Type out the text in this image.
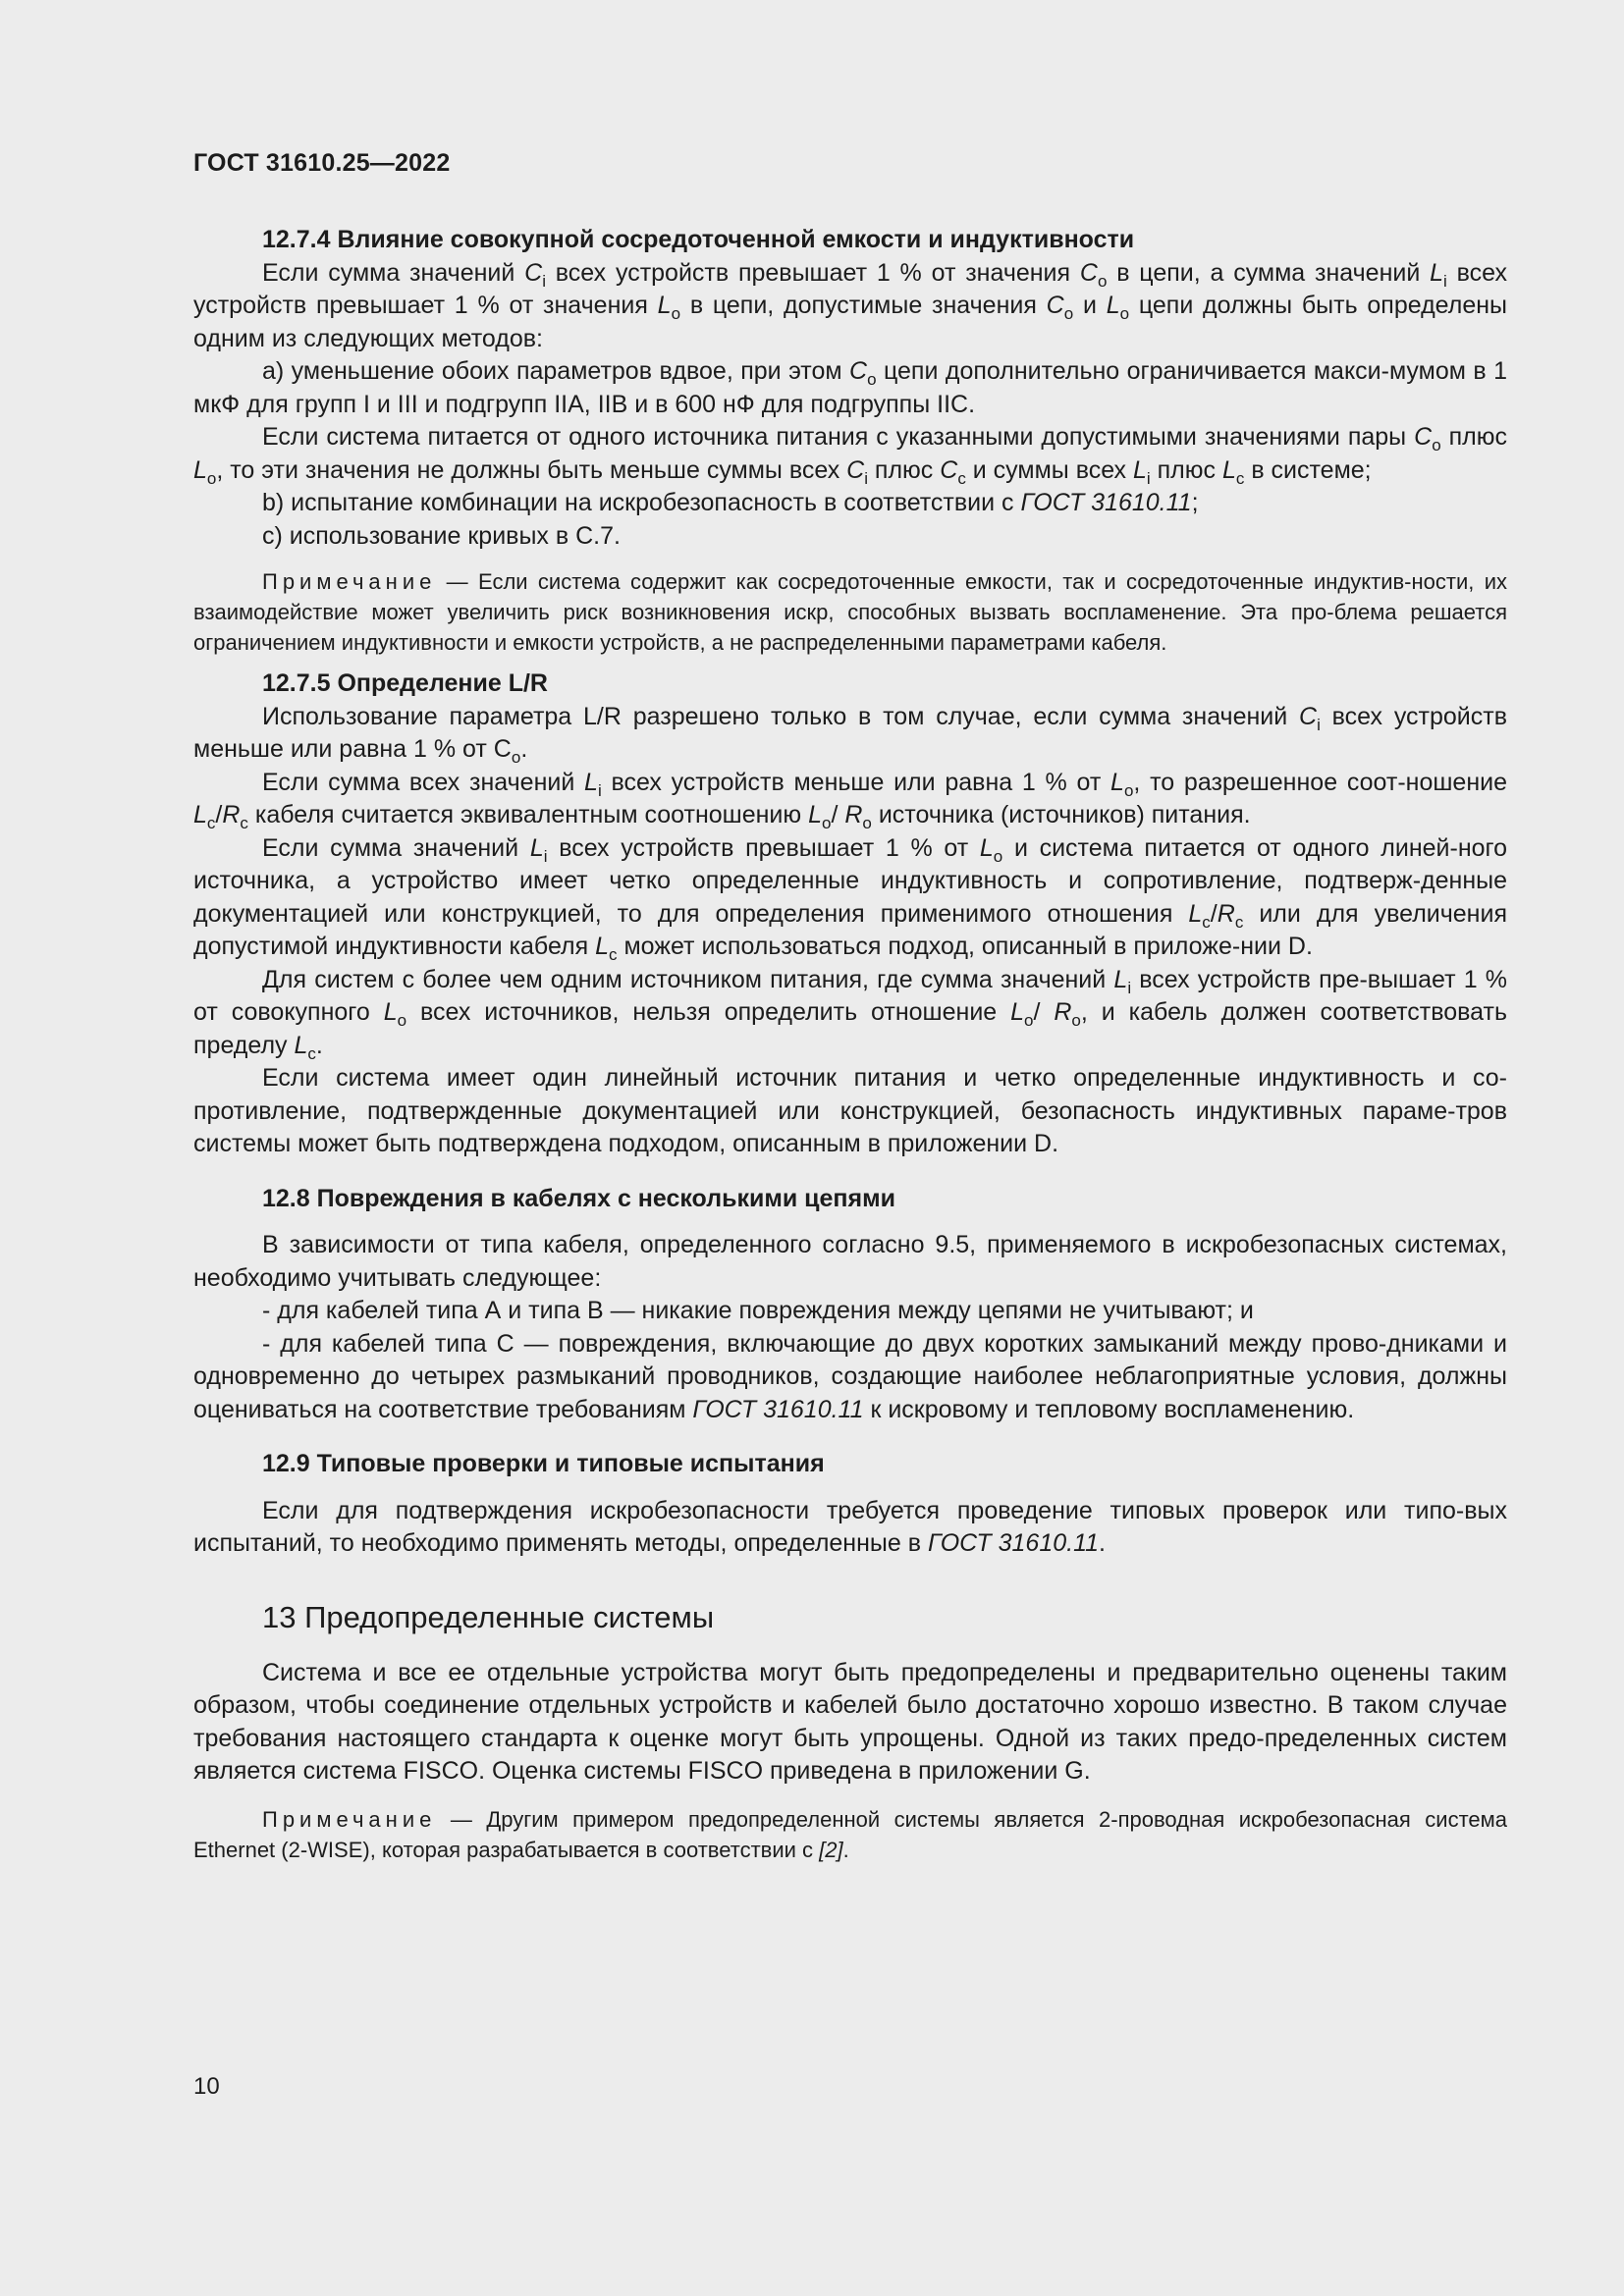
ГОСТ 31610.25—2022
12.7.4 Влияние совокупной сосредоточенной емкости и индуктивности

Если сумма значений $C_i$ всех устройств превышает 1 % от значения $C_o$ в цепи, а сумма значений $L_i$ всех устройств превышает 1 % от значения $L_o$ в цепи, допустимые значения $C_o$ и $L_o$ цепи должны быть определены одним из следующих методов:

a) уменьшение обоих параметров вдвое, при этом $C_o$ цепи дополнительно ограничивается макси-мумом в 1 мкФ для групп I и III и подгрупп IIA, IIB и в 600 нФ для подгруппы IIC.

Если система питается от одного источника питания с указанными допустимыми значениями пары $C_o$ плюс $L_o$, то эти значения не должны быть меньше суммы всех $C_i$ плюс $C_c$ и суммы всех $L_i$ плюс $L_c$ в системе;

b) испытание комбинации на искробезопасность в соответствии с ГОСТ 31610.11;

c) использование кривых в С.7.

Примечание — Если система содержит как сосредоточенные емкости, так и сосредоточенные индуктив-ности, их взаимодействие может увеличить риск возникновения искр, способных вызвать воспламенение. Эта про-блема решается ограничением индуктивности и емкости устройств, а не распределенными параметрами кабеля.

12.7.5 Определение L/R

Использование параметра L/R разрешено только в том случае, если сумма значений $C_i$ всех устройств меньше или равна 1 % от $С_o$.

Если сумма всех значений $L_i$ всех устройств меньше или равна 1 % от $L_o$, то разрешенное соот-ношение $L_c/R_c$ кабеля считается эквивалентным соотношению $L_o/$ $R_o$ источника (источников) питания.

Если сумма значений $L_i$ всех устройств превышает 1 % от $L_o$ и система питается от одного линей-ного источника, а устройство имеет четко определенные индуктивность и сопротивление, подтверж-денные документацией или конструкцией, то для определения применимого отношения $L_c/R_c$ или для увеличения допустимой индуктивности кабеля $L_c$ может использоваться подход, описанный в приложе-нии D.

Для систем с более чем одним источником питания, где сумма значений $L_i$ всех устройств пре-вышает 1 % от совокупного $L_o$ всех источников, нельзя определить отношение $L_o/$ $R_o$, и кабель должен соответствовать пределу $L_c$.

Если система имеет один линейный источник питания и четко определенные индуктивность и со-противление, подтвержденные документацией или конструкцией, безопасность индуктивных параме-тров системы может быть подтверждена подходом, описанным в приложении D.

12.8 Повреждения в кабелях с несколькими цепями

В зависимости от типа кабеля, определенного согласно 9.5, применяемого в искробезопасных системах, необходимо учитывать следующее:

- для кабелей типа А и типа В — никакие повреждения между цепями не учитывают; и

- для кабелей типа С — повреждения, включающие до двух коротких замыканий между прово-дниками и одновременно до четырех размыканий проводников, создающие наиболее неблагоприятные условия, должны оцениваться на соответствие требованиям ГОСТ 31610.11 к искровому и тепловому воспламенению.

12.9 Типовые проверки и типовые испытания

Если для подтверждения искробезопасности требуется проведение типовых проверок или типо-вых испытаний, то необходимо применять методы, определенные в ГОСТ 31610.11.

13 Предопределенные системы

Система и все ее отдельные устройства могут быть предопределены и предварительно оценены таким образом, чтобы соединение отдельных устройств и кабелей было достаточно хорошо известно. В таком случае требования настоящего стандарта к оценке могут быть упрощены. Одной из таких предо-пределенных систем является система FISCO. Оценка системы FISCO приведена в приложении G.

Примечание — Другим примером предопределенной системы является 2-проводная искробезопасная система Ethernet (2-WISE), которая разрабатывается в соответствии с [2].

10
